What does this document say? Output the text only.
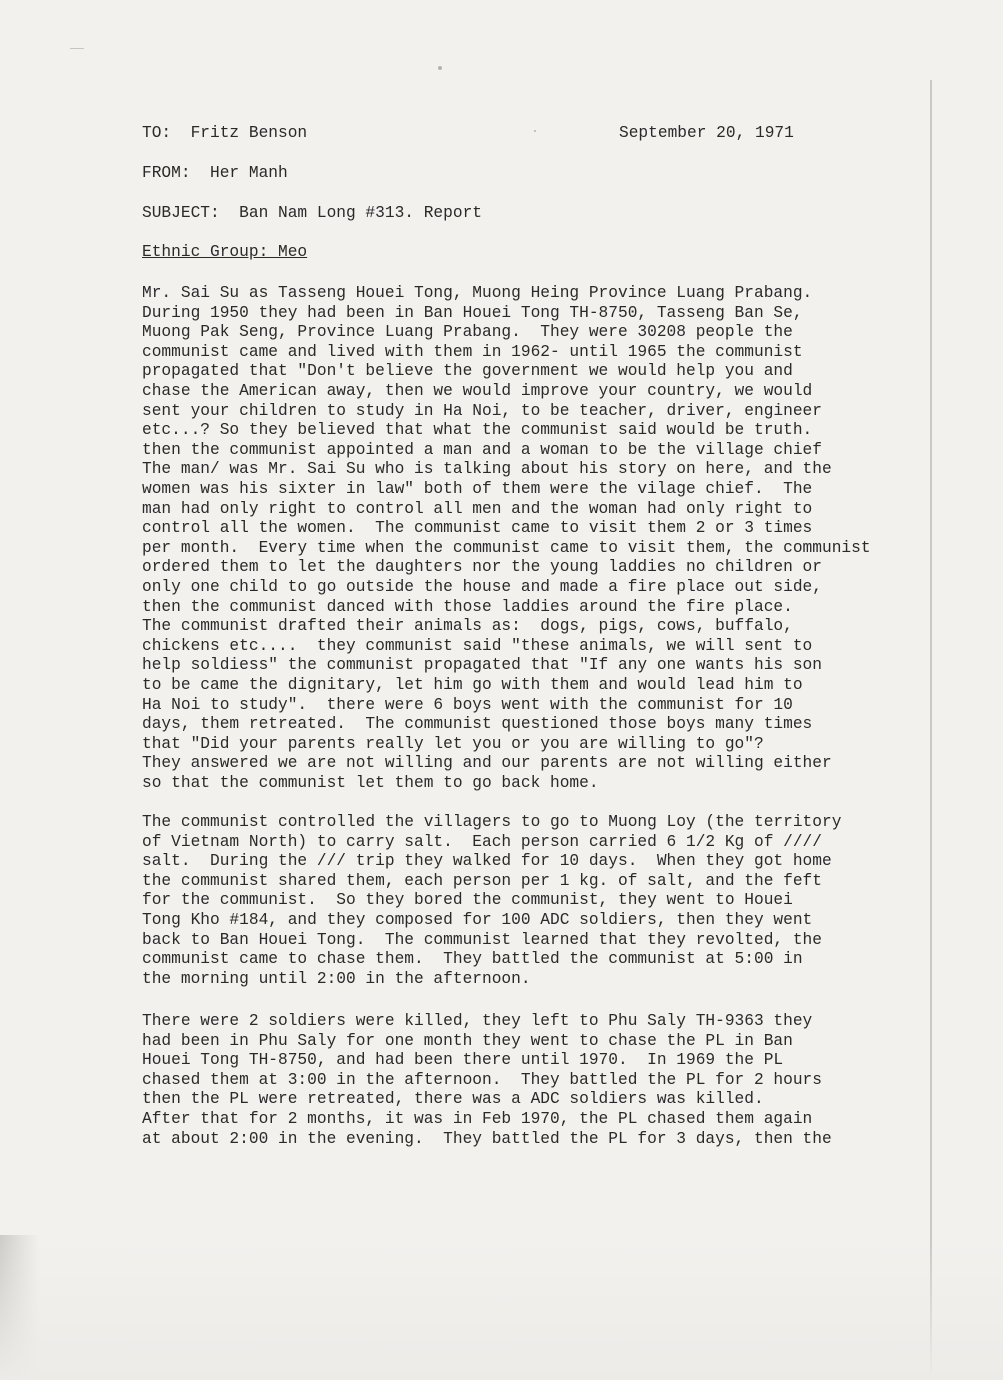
TO:  Fritz Benson	September 20, 1971
FROM:  Her Manh
SUBJECT:  Ban Nam Long #313. Report
Ethnic Group: Meo
Mr. Sai Su as Tasseng Houei Tong, Muong Heing Province Luang Prabang.
During 1950 they had been in Ban Houei Tong TH-8750, Tasseng Ban Se,
Muong Pak Seng, Province Luang Prabang.  They were 30208 people the
communist came and lived with them in 1962- until 1965 the communist
propagated that "Don't believe the government we would help you and
chase the American away, then we would improve your country, we would
sent your children to study in Ha Noi, to be teacher, driver, engineer
etc...? So they believed that what the communist said would be truth.
then the communist appointed a man and a woman to be the village chief
The man/ was Mr. Sai Su who is talking about his story on here, and the
women was his sixter in law" both of them were the vilage chief.  The
man had only right to control all men and the woman had only right to
control all the women.  The communist came to visit them 2 or 3 times
per month.  Every time when the communist came to visit them, the communist
ordered them to let the daughters nor the young laddies no children or
only one child to go outside the house and made a fire place out side,
then the communist danced with those laddies around the fire place.
The communist drafted their animals as:  dogs, pigs, cows, buffalo,
chickens etc....  they communist said "these animals, we will sent to
help soldiess" the communist propagated that "If any one wants his son
to be came the dignitary, let him go with them and would lead him to
Ha Noi to study".  there were 6 boys went with the communist for 10
days, them retreated.  The communist questioned those boys many times
that "Did your parents really let you or you are willing to go"?
They answered we are not willing and our parents are not willing either
so that the communist let them to go back home.
The communist controlled the villagers to go to Muong Loy (the territory
of Vietnam North) to carry salt.  Each person carried 6 1/2 Kg of ////
salt.  During the /// trip they walked for 10 days.  When they got home
the communist shared them, each person per 1 kg. of salt, and the feft
for the communist.  So they bored the communist, they went to Houei
Tong Kho #184, and they composed for 100 ADC soldiers, then they went
back to Ban Houei Tong.  The communist learned that they revolted, the
communist came to chase them.  They battled the communist at 5:00 in
the morning until 2:00 in the afternoon.
There were 2 soldiers were killed, they left to Phu Saly TH-9363 they
had been in Phu Saly for one month they went to chase the PL in Ban
Houei Tong TH-8750, and had been there until 1970.  In 1969 the PL
chased them at 3:00 in the afternoon.  They battled the PL for 2 hours
then the PL were retreated, there was a ADC soldiers was killed.
After that for 2 months, it was in Feb 1970, the PL chased them again
at about 2:00 in the evening.  They battled the PL for 3 days, then the
